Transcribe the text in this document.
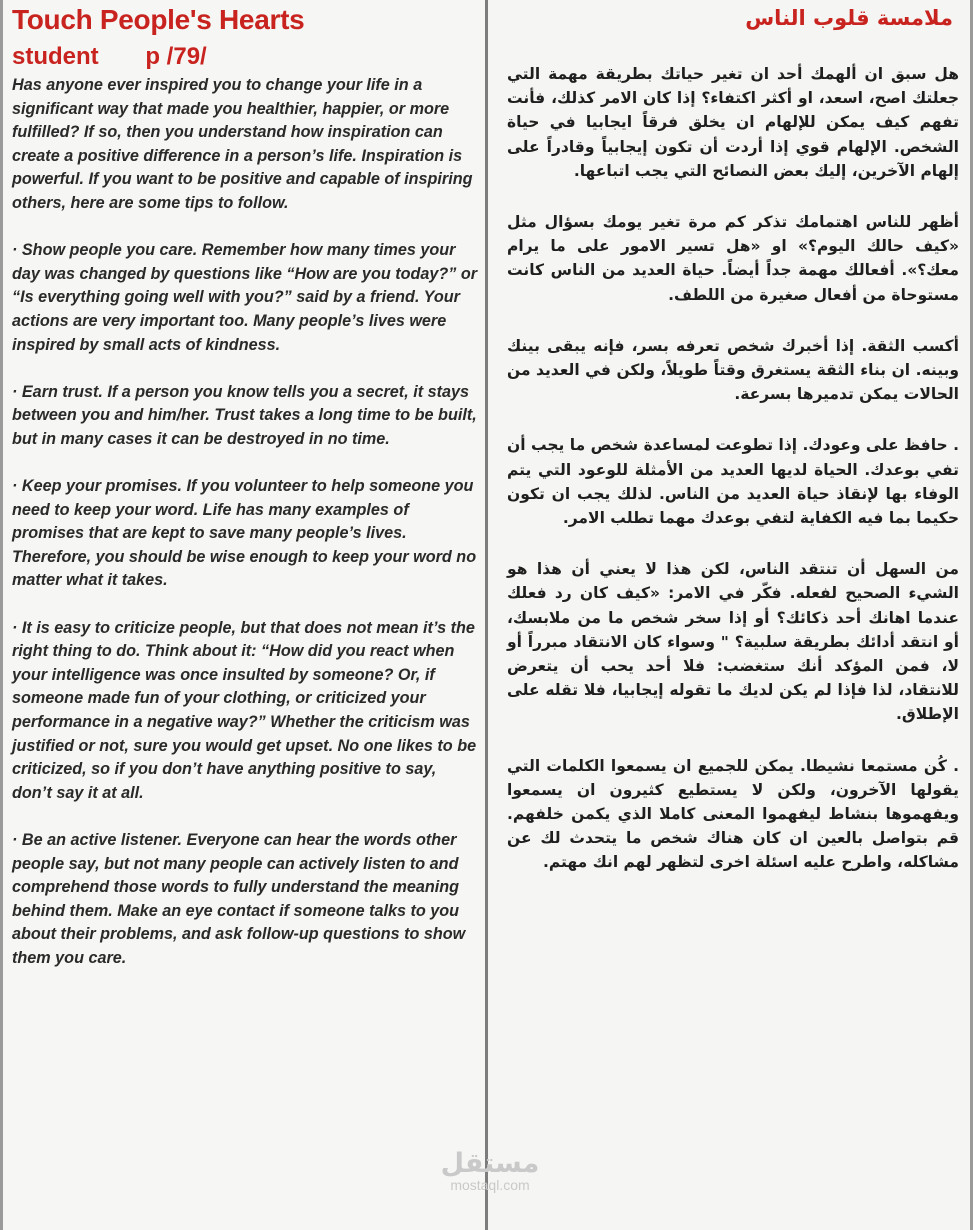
Touch People's Hearts
student p /79/

Has anyone ever inspired you to change your life in a significant way that made you healthier, happier, or more fulfilled? If so, then you understand how inspiration can create a positive difference in a person’s life. Inspiration is powerful. If you want to be positive and capable of inspiring others, here are some tips to follow.

· Show people you care. Remember how many times your day was changed by questions like “How are you today?” or “Is everything going well with you?” said by a friend. Your actions are very important too. Many people’s lives were inspired by small acts of kindness.

· Earn trust. If a person you know tells you a secret, it stays between you and him/her. Trust takes a long time to be built, but in many cases it can be destroyed in no time.

· Keep your promises. If you volunteer to help someone you need to keep your word. Life has many examples of promises that are kept to save many people’s lives. Therefore, you should be wise enough to keep your word no matter what it takes.

· It is easy to criticize people, but that does not mean it’s the right thing to do. Think about it: “How did you react when your intelligence was once insulted by someone? Or, if someone made fun of your clothing, or criticized your performance in a negative way?” Whether the criticism was justified or not, sure you would get upset. No one likes to be criticized, so if you don’t have anything positive to say, don’t say it at all.

· Be an active listener. Everyone can hear the words other people say, but not many people can actively listen to and comprehend those words to fully understand the meaning behind them. Make an eye contact if someone talks to you about their problems, and ask follow-up questions to show them you care.

ملامسة قلوب الناس

هل سبق ان ألهمك أحد ان تغير حياتك بطريقة مهمة التي جعلتك اصح، اسعد، او أكثر اكتفاء؟ إذا كان الامر كذلك، فأنت تفهم كيف يمكن للإلهام ان يخلق فرقاً ايجابيا في حياة الشخص. الإلهام قوي إذا أردت أن تكون إيجابياً وقادراً على إلهام الآخرين، إليك بعض النصائح التي يجب اتباعها.

أظهر للناس اهتمامك تذكر كم مرة تغير يومك بسؤال مثل «كيف حالك اليوم؟» او «هل تسير الامور على ما يرام معك؟». أفعالك مهمة جداً أيضاً. حياة العديد من الناس كانت مستوحاة من أفعال صغيرة من اللطف.

أكسب الثقة. إذا أخبرك شخص تعرفه بسر، فإنه يبقى بينك وبينه. ان بناء الثقة يستغرق وقتاً طويلاً، ولكن في العديد من الحالات يمكن تدميرها بسرعة.

. حافظ على وعودك. إذا تطوعت لمساعدة شخص ما يجب أن تفي بوعدك. الحياة لديها العديد من الأمثلة للوعود التي يتم الوفاء بها لإنقاذ حياة العديد من الناس. لذلك يجب ان تكون حكيما بما فيه الكفاية لتفي بوعدك مهما تطلب الامر.

من السهل أن تنتقد الناس، لكن هذا لا يعني أن هذا هو الشيء الصحيح لفعله. فكّر في الامر: «كيف كان رد فعلك عندما اهانك أحد ذكائك؟ أو إذا سخر شخص ما من ملابسك، أو انتقد أدائك بطريقة سلبية؟ " وسواء كان الانتقاد مبرراً أو لا، فمن المؤكد أنك ستغضب: فلا أحد يحب أن يتعرض للانتقاد، لذا فإذا لم يكن لديك ما تقوله إيجابيا، فلا تقله على الإطلاق.

. كُن مستمعا نشيطا. يمكن للجميع ان يسمعوا الكلمات التي يقولها الآخرون، ولكن لا يستطيع كثيرون ان يسمعوا ويفهموها بنشاط ليفهموا المعنى كاملا الذي يكمن خلفهم. قم بتواصل بالعين ان كان هناك شخص ما يتحدث لك عن مشاكله، واطرح عليه اسئلة اخرى لتظهر لهم انك مهتم.

مستقل
mostaql.com
